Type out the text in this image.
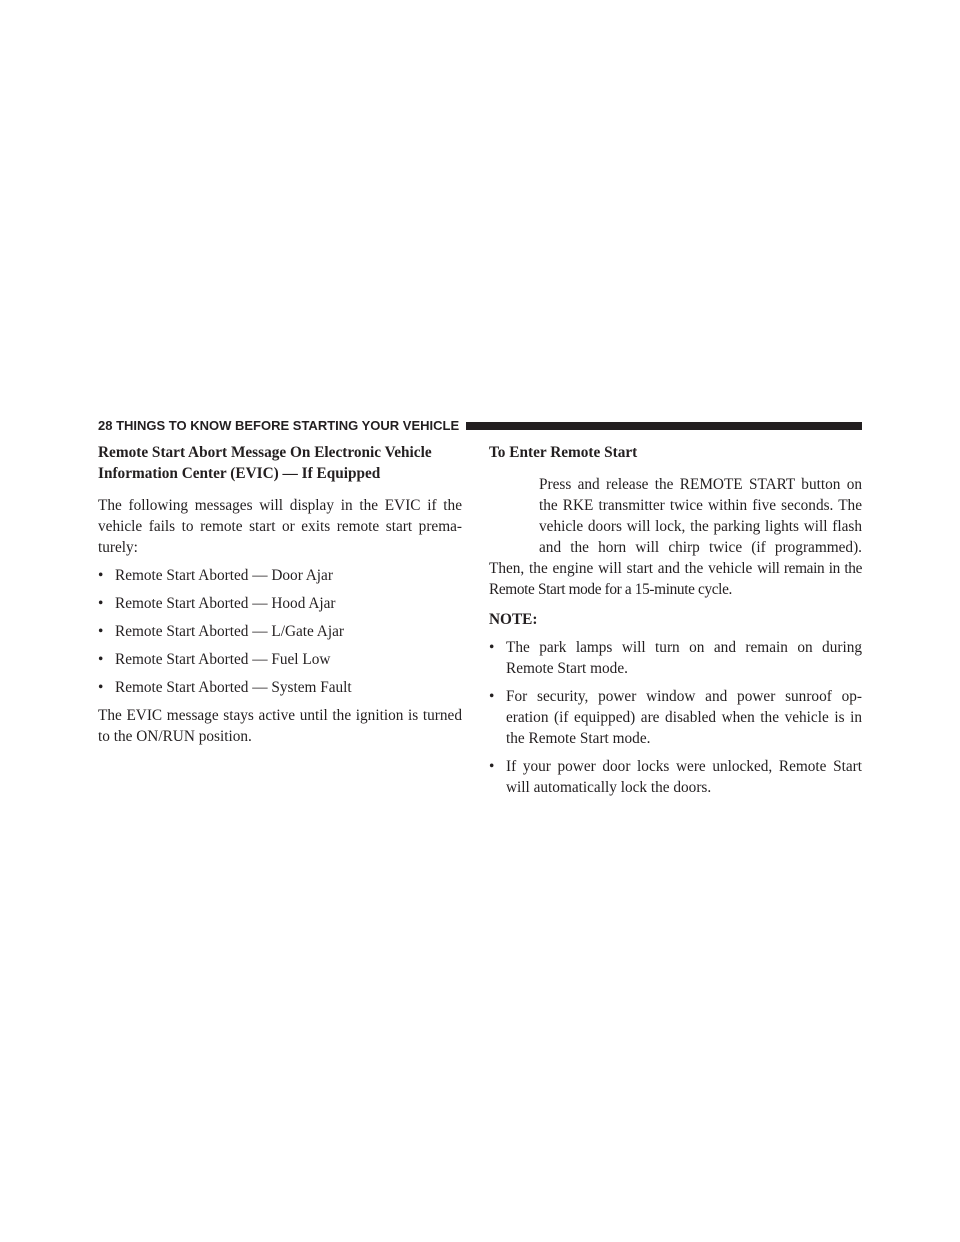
28 THINGS TO KNOW BEFORE STARTING YOUR VEHICLE
Remote Start Abort Message On Electronic Vehicle Information Center (EVIC) — If Equipped

The following messages will display in the EVIC if the vehicle fails to remote start or exits remote start prema-turely:

• Remote Start Aborted — Door Ajar
• Remote Start Aborted — Hood Ajar
• Remote Start Aborted — L/Gate Ajar
• Remote Start Aborted — Fuel Low
• Remote Start Aborted — System Fault

The EVIC message stays active until the ignition is turned to the ON/RUN position.

To Enter Remote Start
Press and release the REMOTE START button on the RKE transmitter twice within five seconds. The vehicle doors will lock, the parking lights will flash and the horn will chirp twice (if programmed). Then, the engine will start and the vehicle will remain in the Remote Start mode for a 15-minute cycle.

NOTE:

• The park lamps will turn on and remain on during Remote Start mode.
• For security, power window and power sunroof op-eration (if equipped) are disabled when the vehicle is in the Remote Start mode.
• If your power door locks were unlocked, Remote Start will automatically lock the doors.
